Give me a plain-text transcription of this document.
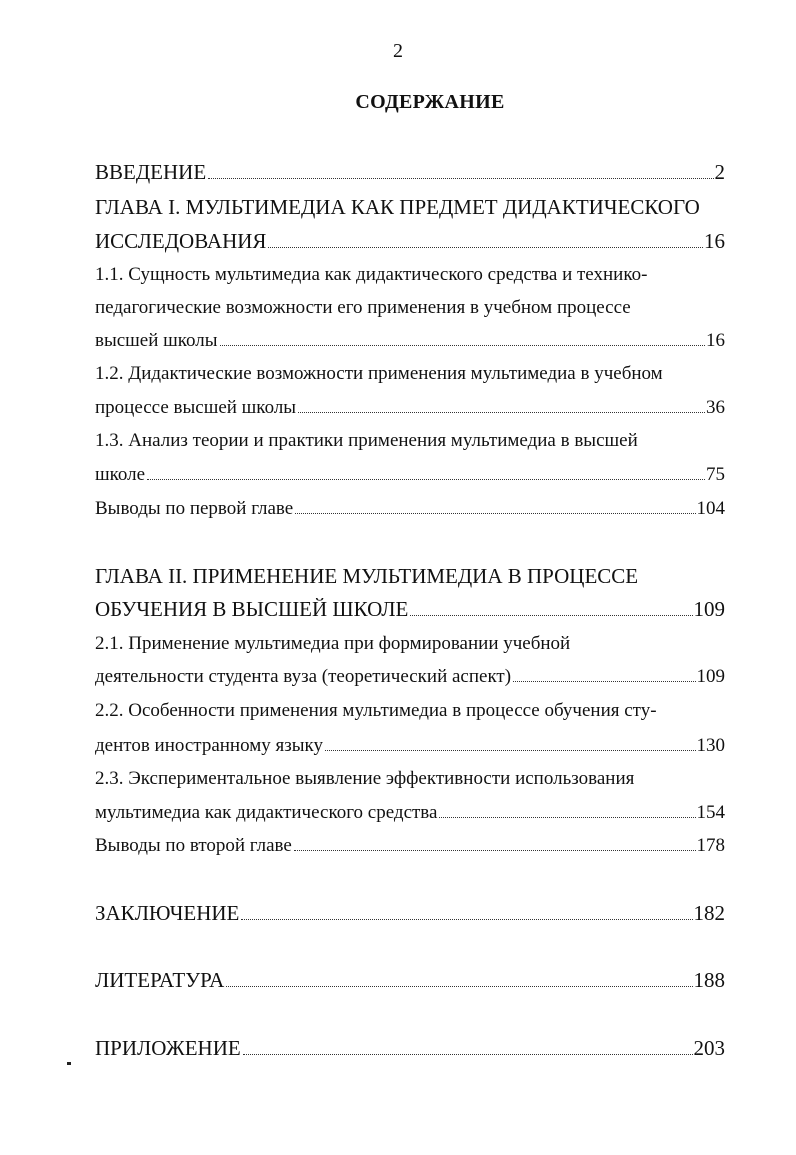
2
СОДЕРЖАНИЕ
ВВЕДЕНИЕ	2
ГЛАВА I. МУЛЬТИМЕДИА КАК ПРЕДМЕТ ДИДАКТИЧЕСКОГО
ИССЛЕДОВАНИЯ	16
1.1. Сущность мультимедиа как дидактического средства и технико-
педагогические возможности его применения в учебном процессе
высшей школы	16
1.2. Дидактические возможности применения мультимедиа в учебном
процессе высшей школы	36
1.3. Анализ теории и практики применения мультимедиа в высшей
школе	75
Выводы по первой главе	104
ГЛАВА II. ПРИМЕНЕНИЕ МУЛЬТИМЕДИА В ПРОЦЕССЕ
ОБУЧЕНИЯ В ВЫСШЕЙ ШКОЛЕ	109
2.1. Применение мультимедиа при формировании учебной
деятельности студента вуза (теоретический аспект)	109
2.2. Особенности применения мультимедиа в процессе обучения сту-
дентов иностранному языку	130
2.3. Экспериментальное выявление эффективности использования
мультимедиа как дидактического средства	154
Выводы по второй главе	178
ЗАКЛЮЧЕНИЕ	182
ЛИТЕРАТУРА	188
ПРИЛОЖЕНИЕ	203
